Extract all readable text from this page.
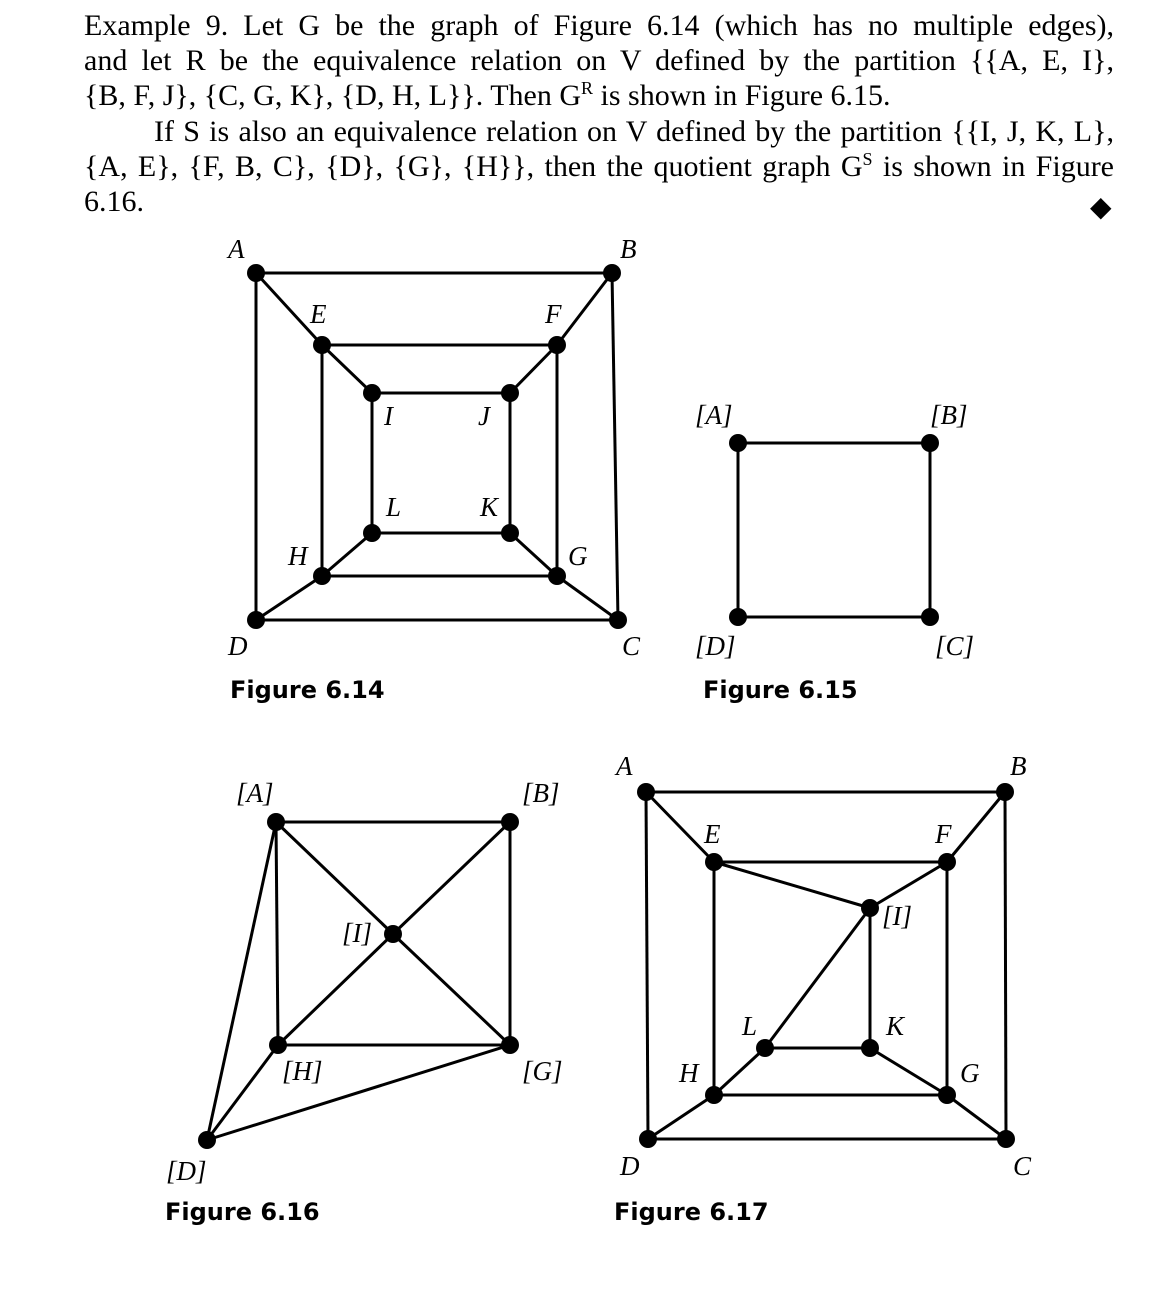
Example 9. Let G be the graph of Figure 6.14 (which has no multiple edges),

and let R be the equivalence relation on V defined by the partition {{A, E, I},

{B, F, J}, {C, G, K}, {D, H, L}}. Then $G^R$ is shown in Figure 6.15.

If S is also an equivalence relation on V defined by the partition {{I, J, K, L},

{A, E}, {F, B, C}, {D}, {G}, {H}}, then the quotient graph $G^S$ is shown in Figure 6.16.	◆
A	B
C
D
E	F
G
H
I	J
K
L
Figure 6.14
[A]	[B]
[C]
[D]
Figure 6.15
[A]	[B]
[I]
[H]	[G]
[D]
Figure 6.16
A	B
C
D
E	F
G
H
[I]
K
L
Figure 6.17
